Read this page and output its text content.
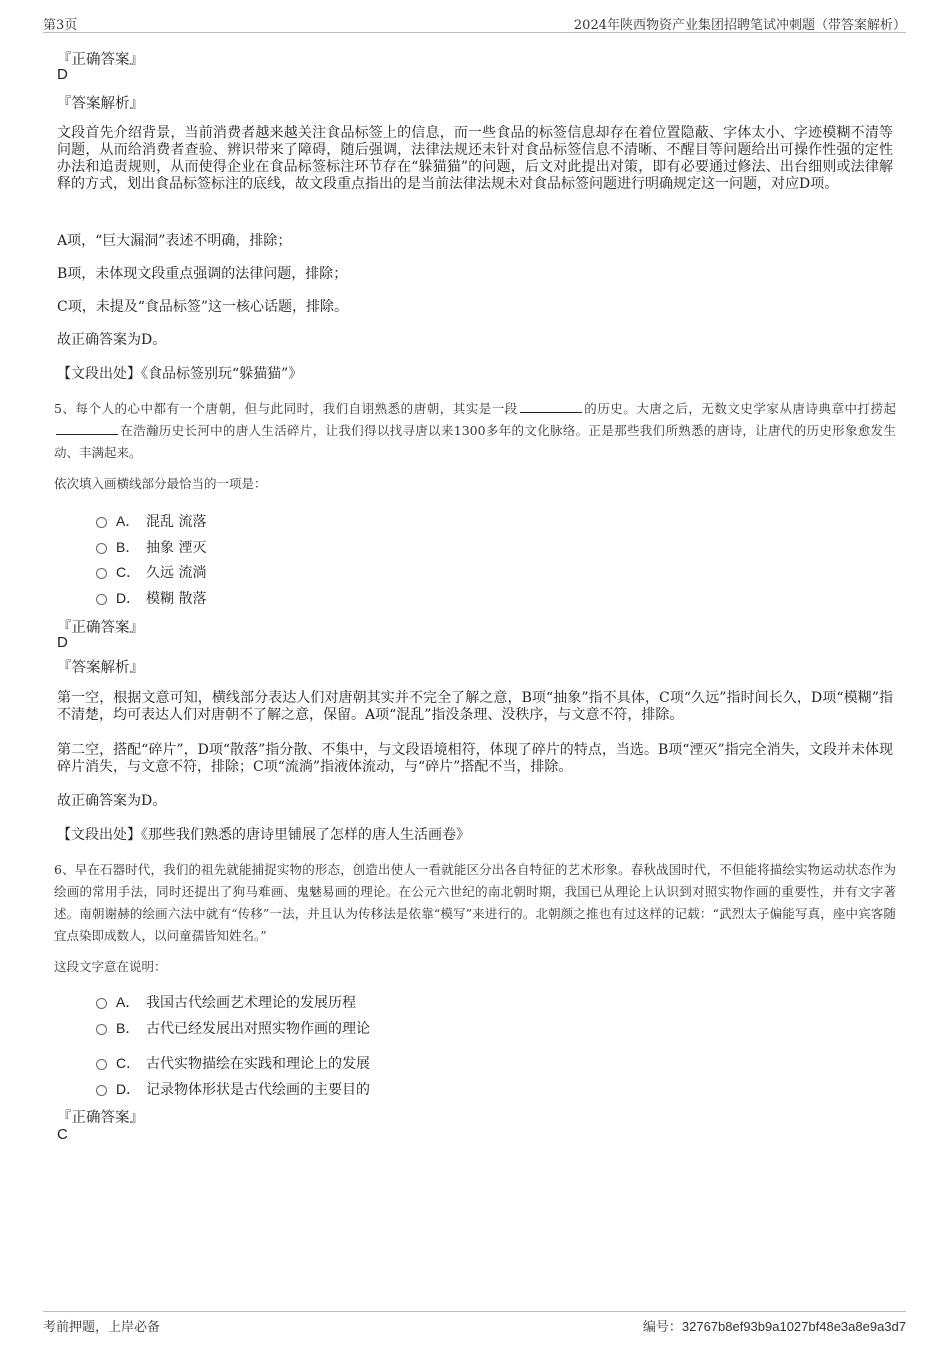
第3页	2024年陕西物资产业集团招聘笔试冲刺题（带答案解析）
『正确答案』
D
『答案解析』
文段首先介绍背景，当前消费者越来越关注食品标签上的信息，而一些食品的标签信息却存在着位置隐蔽、字体太小、字迹模糊不清等问题，从而给消费者查验、辨识带来了障碍，随后强调，法律法规还未针对食品标签信息不清晰、不醒目等问题给出可操作性强的定性办法和追责规则，从而使得企业在食品标签标注环节存在“躲猫猫”的问题，后文对此提出对策，即有必要通过修法、出台细则或法律解释的方式，划出食品标签标注的底线，故文段重点指出的是当前法律法规未对食品标签问题进行明确规定这一问题，对应D项。
A项，“巨大漏洞”表述不明确，排除；
B项，未体现文段重点强调的法律问题，排除；
C项，未提及“食品标签”这一核心话题，排除。
故正确答案为D。
【文段出处】《食品标签别玩“躲猫猫”》
5、每个人的心中都有一个唐朝，但与此同时，我们自诩熟悉的唐朝，其实是一段	的历史。大唐之后，无数文史学家从唐诗典章中打捞起在浩瀚历史长河中的唐人生活碎片，让我们得以找寻唐以来1300多年的文化脉络。正是那些我们所熟悉的唐诗，让唐代的历史形象愈发生动、丰满起来。
依次填入画横线部分最恰当的一项是：
A． 混乱 流落
B． 抽象 湮灭
C． 久远 流淌
D． 模糊 散落
『正确答案』
D
『答案解析』
第一空，根据文意可知，横线部分表达人们对唐朝其实并不完全了解之意，B项“抽象”指不具体，C项“久远”指时间长久，D项“模糊”指不清楚，均可表达人们对唐朝不了解之意，保留。A项“混乱”指没条理、没秩序，与文意不符，排除。
第二空，搭配“碎片”，D项“散落”指分散、不集中，与文段语境相符，体现了碎片的特点，当选。B项“湮灭”指完全消失，文段并未体现碎片消失，与文意不符，排除；C项“流淌”指液体流动，与“碎片”搭配不当，排除。
故正确答案为D。
【文段出处】《那些我们熟悉的唐诗里铺展了怎样的唐人生活画卷》
6、早在石器时代，我们的祖先就能捕捉实物的形态，创造出使人一看就能区分出各自特征的艺术形象。春秋战国时代，不但能将描绘实物运动状态作为绘画的常用手法，同时还提出了狗马难画、鬼魅易画的理论。在公元六世纪的南北朝时期，我国已从理论上认识到对照实物作画的重要性，并有文字著述。南朝谢赫的绘画六法中就有“传移”一法，并且认为传移法是依靠“模写”来进行的。北朝颜之推也有过这样的记载：“武烈太子偏能写真，座中宾客随宜点染即成数人，以问童孺皆知姓名。”
这段文字意在说明：
A． 我国古代绘画艺术理论的发展历程
B． 古代已经发展出对照实物作画的理论
C． 古代实物描绘在实践和理论上的发展
D． 记录物体形状是古代绘画的主要目的
『正确答案』
C
考前押题，上岸必备	编号：32767b8ef93b9a1027bf48e3a8e9a3d7
